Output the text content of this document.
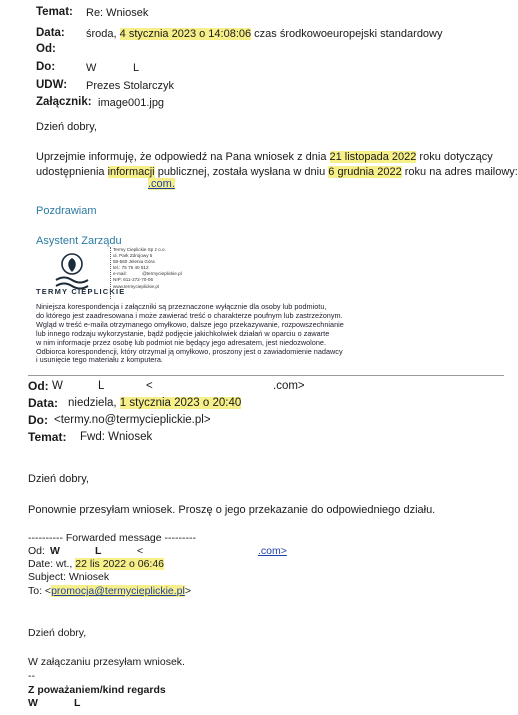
Temat: Re: Wniosek
Data: środa, 4 stycznia 2023 o 14:08:06 czas środkowoeuropejski standardowy
Od:
Do:	W	L
UDW: Prezes Stolarczyk
Załącznik: image001.jpg
Dzień dobry,
Uprzejmie informuję, że odpowiedź na Pana wniosek z dnia 21 listopada 2022 roku dotyczący
udostępnienia informacji publicznej, została wysłana w dniu 6 grudnia 2022 roku na adres mailowy:
.com.
Pozdrawiam
Asystent Zarządu
TERMY CIEPLICKIE
Termy Cieplickie Sp z o.o.
ul. Park Zdrojowy 5
58-560 Jelenia Góra
tel.: 75 75 40 512
e-mail:	@termycieplickie.pl
NIP: 611-272-70-06
www.termycieplickie.pl
Niniejsza korespondencja i załączniki są przeznaczone wyłącznie dla osoby lub podmiotu,
do którego jest zaadresowana i może zawierać treść o charakterze poufnym lub zastrzeżonym.
Wgląd w treść e-maila otrzymanego omyłkowo, dalsze jego przekazywanie, rozpowszechnianie
lub innego rodzaju wykorzystanie, bądź podjęcie jakichkolwiek działań w oparciu o zawarte
w nim informacje przez osobę lub podmiot nie będący jego adresatem, jest niedozwolone.
Odbiorca korespondencji, który otrzymał ją omyłkowo, proszony jest o zawiadomienie nadawcy
i usunięcie tego materiału z komputera.
Od: W	L	<	.com>
Data: niedziela, 1 stycznia 2023 o 20:40
Do: <termy.no@termycieplickie.pl>
Temat: Fwd: Wniosek
Dzień dobry,
Ponownie przesyłam wniosek. Proszę o jego przekazanie do odpowiedniego działu.
---------- Forwarded message ---------
Od: W	L	<	.com>
Date: wt., 22 lis 2022 o 06:46
Subject: Wniosek
To: <promocja@termycieplickie.pl>
Dzień dobry,
W załączaniu przesyłam wniosek.
--
Z poważaniem/kind regards
W	L
